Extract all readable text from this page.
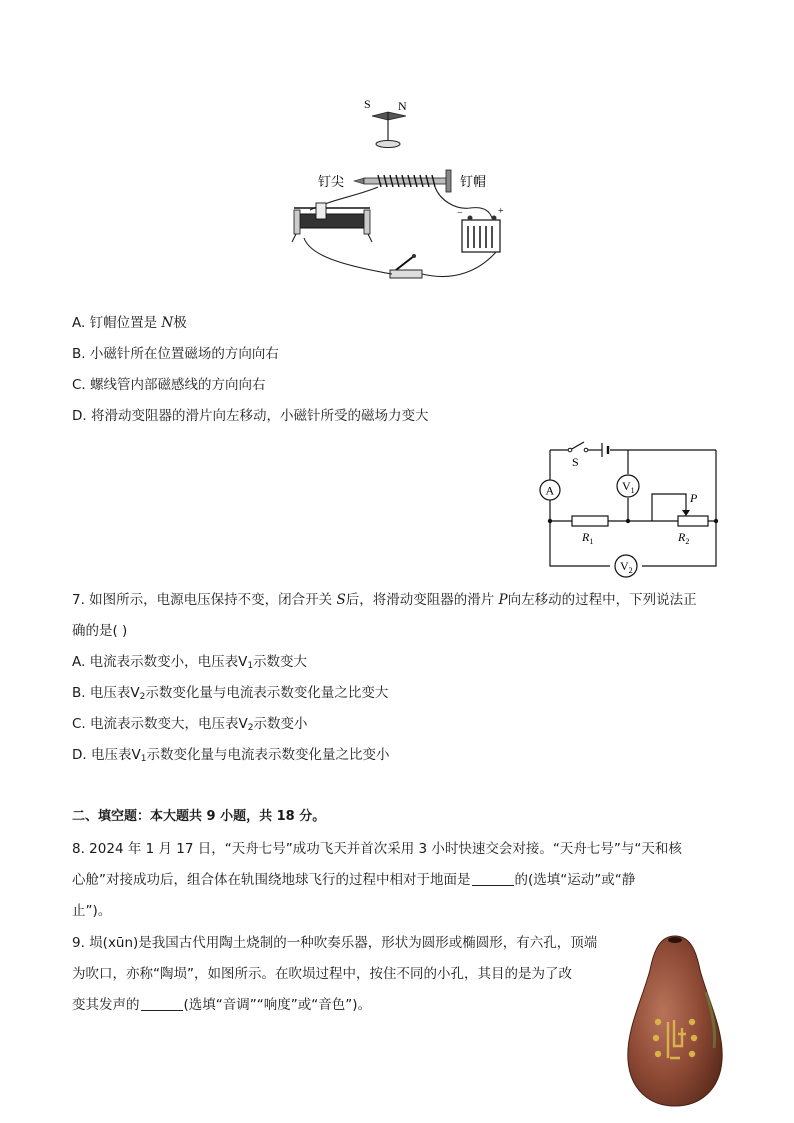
S N
钉尖	钉帽
−	+
A. 钉帽位置是 N极
B. 小磁针所在位置磁场的方向向右
C. 螺线管内部磁感线的方向向右
D. 将滑动变阻器的滑片向左移动，小磁针所受的磁场力变大
S
A	$V_1$
$R_1$
P
$R_2$
$V_2$
7. 如图所示，电源电压保持不变，闭合开关 S后，将滑动变阻器的滑片 P向左移动的过程中，下列说法正
确的是( )
A. 电流表示数变小，电压表$V_1$示数变大
B. 电压表$V_2$示数变化量与电流表示数变化量之比变大
C. 电流表示数变大，电压表$V_2$示数变小
D. 电压表$V_1$示数变化量与电流表示数变化量之比变小
二、填空题：本大题共 9 小题，共 18 分。
8. 2024 年 1 月 17 日，“天舟七号”成功飞天并首次采用 3 小时快速交会对接。“天舟七号”与“天和核
心舱”对接成功后，组合体在轨围绕地球飞行的过程中相对于地面是	的(选填“运动”或“静
止”)。
9. 埙(xūn)是我国古代用陶土烧制的一种吹奏乐器，形状为圆形或椭圆形，有六孔，顶端
为吹口，亦称“陶埙”，如图所示。在吹埙过程中，按住不同的小孔，其目的是为了改
变其发声的	(选填“音调”“响度”或“音色”)。
